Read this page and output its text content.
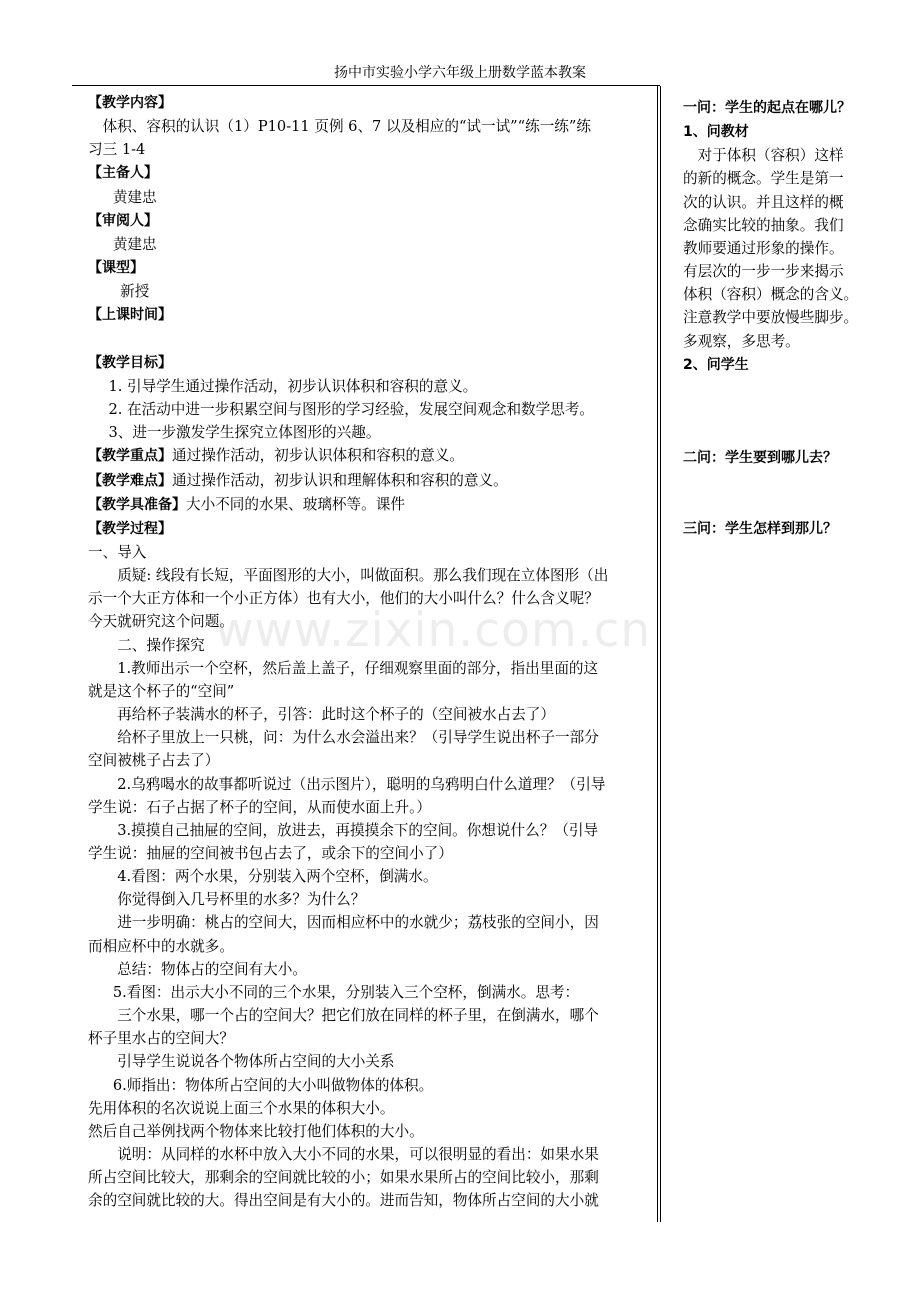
扬中市实验小学六年级上册数学蓝本教案
www.zixin.com.cn

【教学内容】

体积、容积的认识（1）P10-11 页例 6、7 以及相应的“试一试”“练一练”练

习三 1-4

【主备人】

黄建忠

【审阅人】

黄建忠

【课型】

新授

【上课时间】

【教学目标】

1. 引导学生通过操作活动，初步认识体积和容积的意义。

2. 在活动中进一步积累空间与图形的学习经验，发展空间观念和数学思考。

3、进一步激发学生探究立体图形的兴趣。

【教学重点】通过操作活动，初步认识体积和容积的意义。

【教学难点】通过操作活动，初步认识和理解体积和容积的意义。

【教学具准备】大小不同的水果、玻璃杯等。课件

【教学过程】

一、导入

质疑: 线段有长短，平面图形的大小，叫做面积。那么我们现在立体图形（出

示一个大正方体和一个小正方体）也有大小，他们的大小叫什么？什么含义呢？

今天就研究这个问题。

二、操作探究

1.教师出示一个空杯，然后盖上盖子，仔细观察里面的部分，指出里面的这

就是这个杯子的“空间”

再给杯子装满水的杯子，引答：此时这个杯子的（空间被水占去了）

给杯子里放上一只桃，问：为什么水会溢出来？（引导学生说出杯子一部分

空间被桃子占去了）

2.乌鸦喝水的故事都听说过（出示图片），聪明的乌鸦明白什么道理？（引导

学生说：石子占据了杯子的空间，从而使水面上升。）

3.摸摸自己抽屉的空间，放进去，再摸摸余下的空间。你想说什么？（引导

学生说：抽屉的空间被书包占去了，或余下的空间小了）

4.看图：两个水果，分别装入两个空杯，倒满水。

你觉得倒入几号杯里的水多？为什么？

进一步明确：桃占的空间大，因而相应杯中的水就少；荔枝张的空间小，因

而相应杯中的水就多。

总结：物体占的空间有大小。

5.看图：出示大小不同的三个水果，分别装入三个空杯，倒满水。思考：

三个水果，哪一个占的空间大？把它们放在同样的杯子里，在倒满水，哪个

杯子里水占的空间大？

引导学生说说各个物体所占空间的大小关系

6.师指出：物体所占空间的大小叫做物体的体积。

先用体积的名次说说上面三个水果的体积大小。

然后自己举例找两个物体来比较打他们体积的大小。

说明：从同样的水杯中放入大小不同的水果，可以很明显的看出：如果水果

所占空间比较大，那剩余的空间就比较的小；如果水果所占的空间比较小，那剩

余的空间就比较的大。得出空间是有大小的。进而告知，物体所占空间的大小就

一问：学生的起点在哪儿？

1、问教材

对于体积（容积）这样

的新的概念。学生是第一

次的认识。并且这样的概

念确实比较的抽象。我们

教师要通过形象的操作。

有层次的一步一步来揭示

体积（容积）概念的含义。

注意教学中要放慢些脚步。

多观察，多思考。

2、问学生

二问：学生要到哪儿去？

三问：学生怎样到那儿？
